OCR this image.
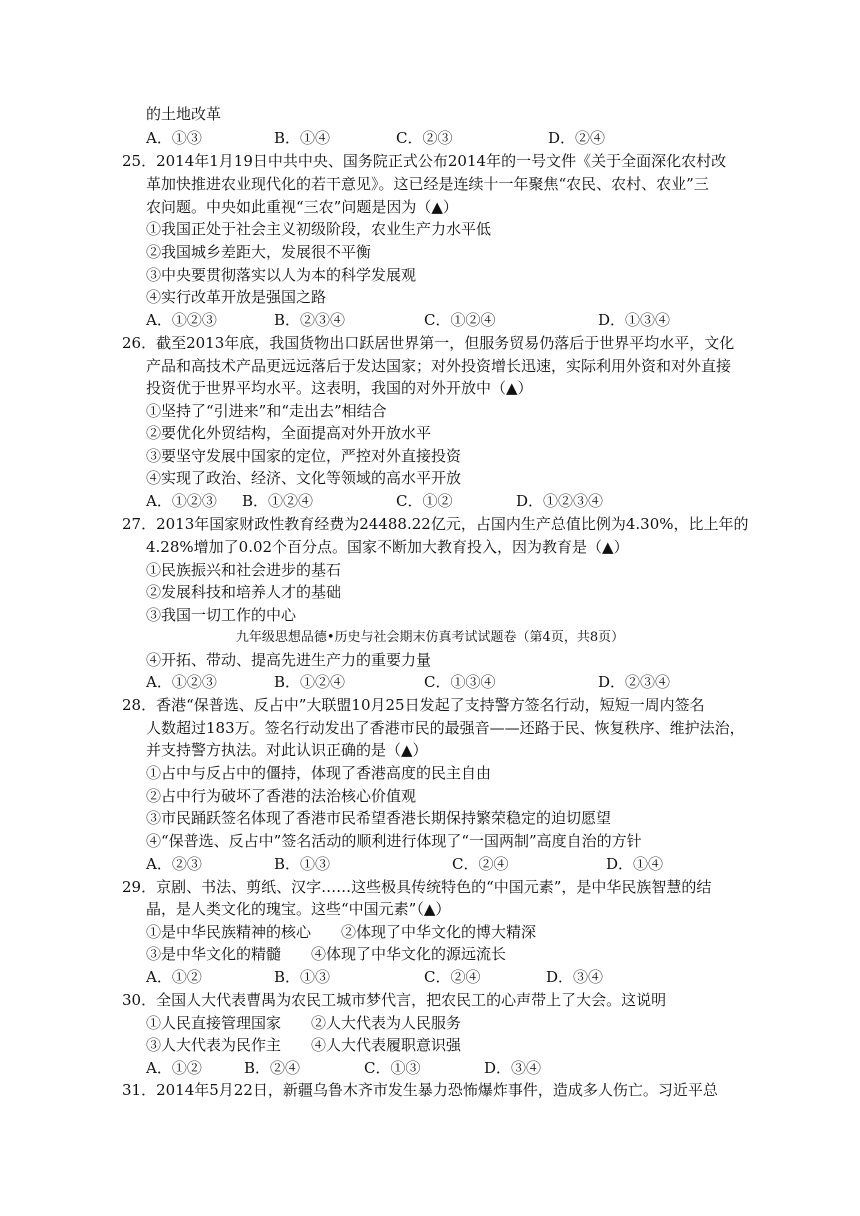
的土地改革
A．①③	B．①④	C．②③	D．②④
25．2014年1月19日中共中央、国务院正式公布2014年的一号文件《关于全面深化农村改
革加快推进农业现代化的若干意见》。这已经是连续十一年聚焦“农民、农村、农业”三
农问题。中央如此重视“三农”问题是因为（▲）
①我国正处于社会主义初级阶段，农业生产力水平低
②我国城乡差距大，发展很不平衡
③中央要贯彻落实以人为本的科学发展观
④实行改革开放是强国之路
A．①②③	B．②③④	C．①②④	D．①③④
26．截至2013年底，我国货物出口跃居世界第一，但服务贸易仍落后于世界平均水平，文化
产品和高技术产品更远远落后于发达国家；对外投资增长迅速，实际利用外资和对外直接
投资优于世界平均水平。这表明，我国的对外开放中（▲）
①坚持了“引进来”和“走出去”相结合
②要优化外贸结构，全面提高对外开放水平
③要坚守发展中国家的定位，严控对外直接投资
④实现了政治、经济、文化等领域的高水平开放
A．①②③ B．①②④	C．①②	D．①②③④
27．2013年国家财政性教育经费为24488.22亿元，占国内生产总值比例为4.30%，比上年的
4.28%增加了0.02个百分点。国家不断加大教育投入，因为教育是（▲）
①民族振兴和社会进步的基石
②发展科技和培养人才的基础
③我国一切工作的中心
九年级思想品德•历史与社会期末仿真考试试题卷（第4页，共8页）
④开拓、带动、提高先进生产力的重要力量
A．①②③	B．①②④	C．①③④	D．②③④
28．香港“保普选、反占中”大联盟10月25日发起了支持警方签名行动，短短一周内签名
人数超过183万。签名行动发出了香港市民的最强音——还路于民、恢复秩序、维护法治，
并支持警方执法。对此认识正确的是（▲）
①占中与反占中的僵持，体现了香港高度的民主自由
②占中行为破坏了香港的法治核心价值观
③市民踊跃签名体现了香港市民希望香港长期保持繁荣稳定的迫切愿望
④“保普选、反占中”签名活动的顺利进行体现了“一国两制”高度自治的方针
A．②③	B．①③	C．②④	D．①④
29．京剧、书法、剪纸、汉字……这些极具传统特色的“中国元素”，是中华民族智慧的结
晶，是人类文化的瑰宝。这些“中国元素”（▲）
①是中华民族精神的核心　　②体现了中华文化的博大精深
③是中华文化的精髓　　④体现了中华文化的源远流长
A．①②	B．①③	C．②④	D．③④
30．全国人大代表曹禺为农民工城市梦代言，把农民工的心声带上了大会。这说明
①人民直接管理国家　　②人大代表为人民服务
③人大代表为民作主　　④人大代表履职意识强
A．①②	B．②④	C．①③	D．③④
31．2014年5月22日，新疆乌鲁木齐市发生暴力恐怖爆炸事件，造成多人伤亡。习近平总
